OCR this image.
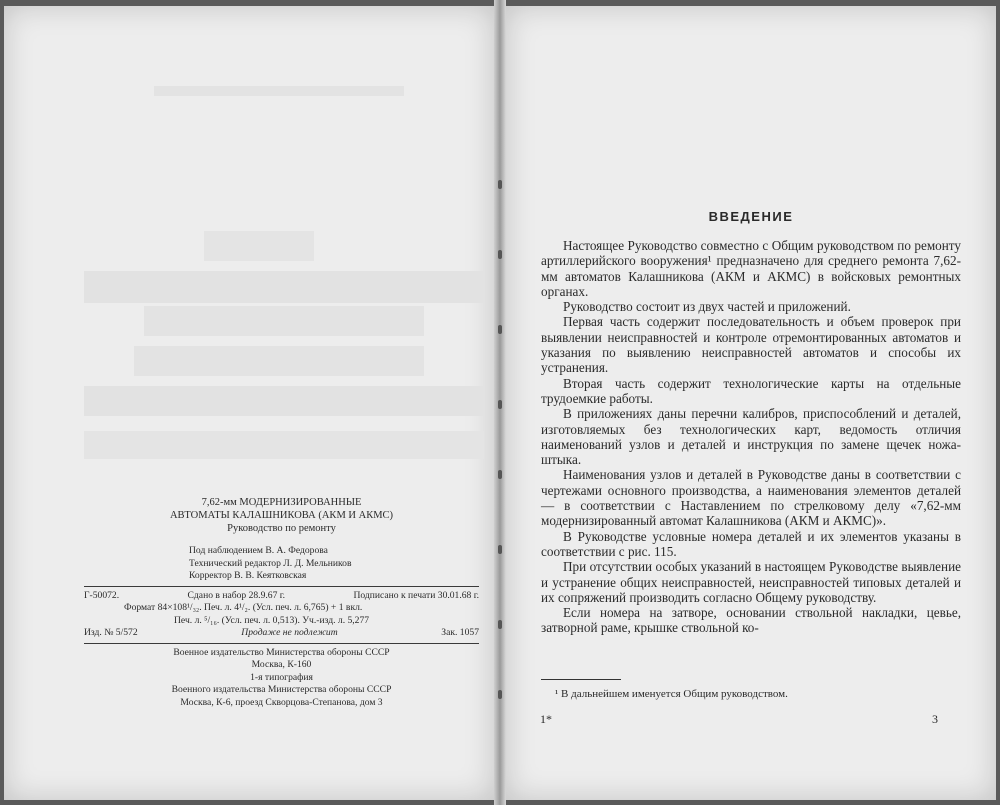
7,62-мм МОДЕРНИЗИРОВАННЫЕ
АВТОМАТЫ КАЛАШНИКОВА (АКМ И АКМС)
Руководство по ремонту
Под наблюдением В. А. Федорова
Технический редактор Л. Д. Мельников
Корректор В. В. Кеятковская
Г-50072.	Сдано в набор 28.9.67 г.	Подписано к печати 30.01.68 г.
Формат 84×108¹/₃₂. Печ. л. 4¹/₂. (Усл. печ. л. 6,765) + 1 вкл.
Печ. л. ⁵/₁₆. (Усл. печ. л. 0,513). Уч.-изд. л. 5,277
Изд. № 5/572	Продаже не подлежит	Зак. 1057
Военное издательство Министерства обороны СССР
Москва, К-160
1-я типография
Военного издательства Министерства обороны СССР
Москва, К-6, проезд Скворцова-Степанова, дом 3
ВВЕДЕНИЕ

Настоящее Руководство совместно с Общим руководством по ремонту артиллерийского вооружения¹ предназначено для среднего ремонта 7,62-мм автоматов Калашникова (АКМ и АКМС) в войсковых ремонтных органах.

Руководство состоит из двух частей и приложений.

Первая часть содержит последовательность и объем проверок при выявлении неисправностей и контроле отремонтированных автоматов и указания по выявлению неисправностей автоматов и способы их устранения.

Вторая часть содержит технологические карты на отдельные трудоемкие работы.

В приложениях даны перечни калибров, приспособлений и деталей, изготовляемых без технологических карт, ведомость отличия наименований узлов и деталей и инструкция по замене щечек ножа-штыка.

Наименования узлов и деталей в Руководстве даны в соответствии с чертежами основного производства, а наименования элементов деталей — в соответствии с Наставлением по стрелковому делу «7,62-мм модернизированный автомат Калашникова (АКМ и АКМС)».

В Руководстве условные номера деталей и их элементов указаны в соответствии с рис. 115.

При отсутствии особых указаний в настоящем Руководстве выявление и устранение общих неисправностей, неисправностей типовых деталей и их сопряжений производить согласно Общему руководству.

Если номера на затворе, основании ствольной накладки, цевье, затворной раме, крышке ствольной ко-

¹ В дальнейшем именуется Общим руководством.
1*	3
